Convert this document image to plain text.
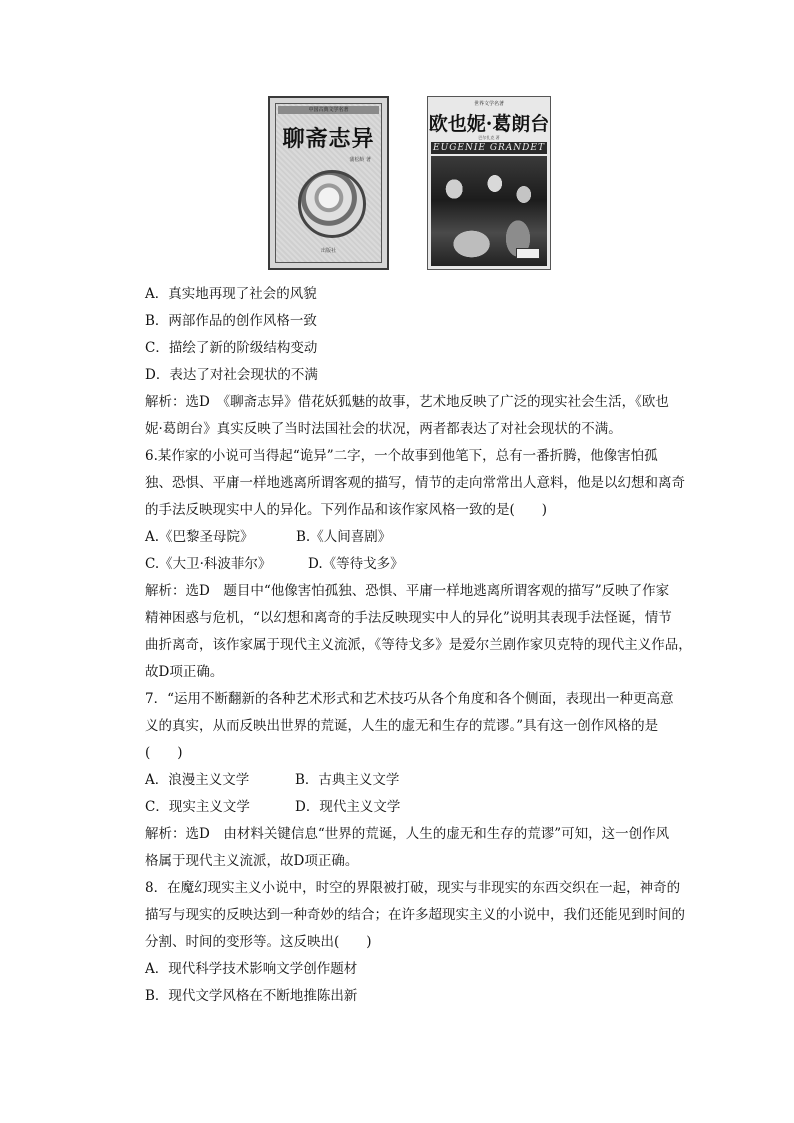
中国古典文学名著
聊斋志异
蒲松龄 著
出版社
世界文学名著
欧也妮·葛朗台
巴尔扎克 著
EUGENIE GRANDET
A．真实地再现了社会的风貌
B．两部作品的创作风格一致
C．描绘了新的阶级结构变动
D．表达了对社会现状的不满
解析：选D　《聊斋志异》借花妖狐魅的故事，艺术地反映了广泛的现实社会生活，《欧也
妮·葛朗台》真实反映了当时法国社会的状况，两者都表达了对社会现状的不满。
6.某作家的小说可当得起“诡异”二字，一个故事到他笔下，总有一番折腾，他像害怕孤
独、恐惧、平庸一样地逃离所谓客观的描写，情节的走向常常出人意料，他是以幻想和离奇
的手法反映现实中人的异化。下列作品和该作家风格一致的是(　　)
A.《巴黎圣母院》	B.《人间喜剧》
C.《大卫·科波菲尔》	D.《等待戈多》
解析：选D　题目中“他像害怕孤独、恐惧、平庸一样地逃离所谓客观的描写”反映了作家
精神困惑与危机，“以幻想和离奇的手法反映现实中人的异化”说明其表现手法怪诞，情节
曲折离奇，该作家属于现代主义流派，《等待戈多》是爱尔兰剧作家贝克特的现代主义作品，
故D项正确。
7．“运用不断翻新的各种艺术形式和艺术技巧从各个角度和各个侧面，表现出一种更高意
义的真实，从而反映出世界的荒诞，人生的虚无和生存的荒谬。”具有这一创作风格的是
(　　)
A．浪漫主义文学	B．古典主义文学
C．现实主义文学	D．现代主义文学
解析：选D　由材料关键信息“世界的荒诞，人生的虚无和生存的荒谬”可知，这一创作风
格属于现代主义流派，故D项正确。
8．在魔幻现实主义小说中，时空的界限被打破，现实与非现实的东西交织在一起，神奇的
描写与现实的反映达到一种奇妙的结合；在许多超现实主义的小说中，我们还能见到时间的
分割、时间的变形等。这反映出(　　)
A．现代科学技术影响文学创作题材
B．现代文学风格在不断地推陈出新
